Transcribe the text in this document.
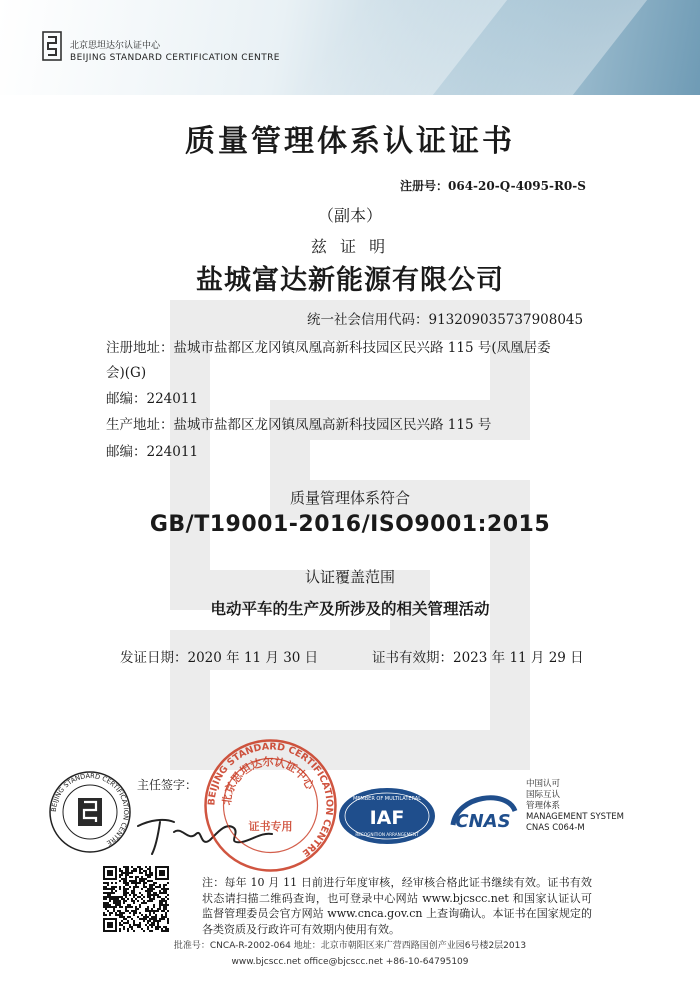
北京思坦达尔认证中心
BEIJING STANDARD CERTIFICATION CENTRE
质量管理体系认证证书
注册号：064-20-Q-4095-R0-S
（副本）
兹 证 明
盐城富达新能源有限公司
统一社会信用代码：913209035737908045
注册地址：盐城市盐都区龙冈镇凤凰高新科技园区民兴路 115 号(凤凰居委
会)(G)
邮编：224011
生产地址：盐城市盐都区龙冈镇凤凰高新科技园区民兴路 115 号
邮编：224011
质量管理体系符合
GB/T19001-2016/ISO9001:2015
认证覆盖范围
电动平车的生产及所涉及的相关管理活动
发证日期：2020 年 11 月 30 日	证书有效期：2023 年 11 月 29 日
BEIJING STANDARD CERTIFICATION CENTRE
主任签字：
BEIJING STANDARD CERTIFICATION CENTRE
北京思坦达尔认证中心
证书专用
MEMBER OF MULTILATERAL
IAF
RECOGNITION ARRANGEMENT
CNAS
中国认可
国际互认
管理体系
MANAGEMENT SYSTEM
CNAS C064-M
注：每年 10 月 11 日前进行年度审核，经审核合格此证书继续有效。证书有效状态请扫描二维码查询，也可登录中心网站 www.bjcscc.net 和国家认证认可监督管理委员会官方网站 www.cnca.gov.cn 上查询确认。本证书在国家规定的各类资质及行政许可有效期内使用有效。
批准号：CNCA-R-2002-064 地址：北京市朝阳区来广营西路国创产业园6号楼2层2013
www.bjcscc.net office@bjcscc.net +86-10-64795109
